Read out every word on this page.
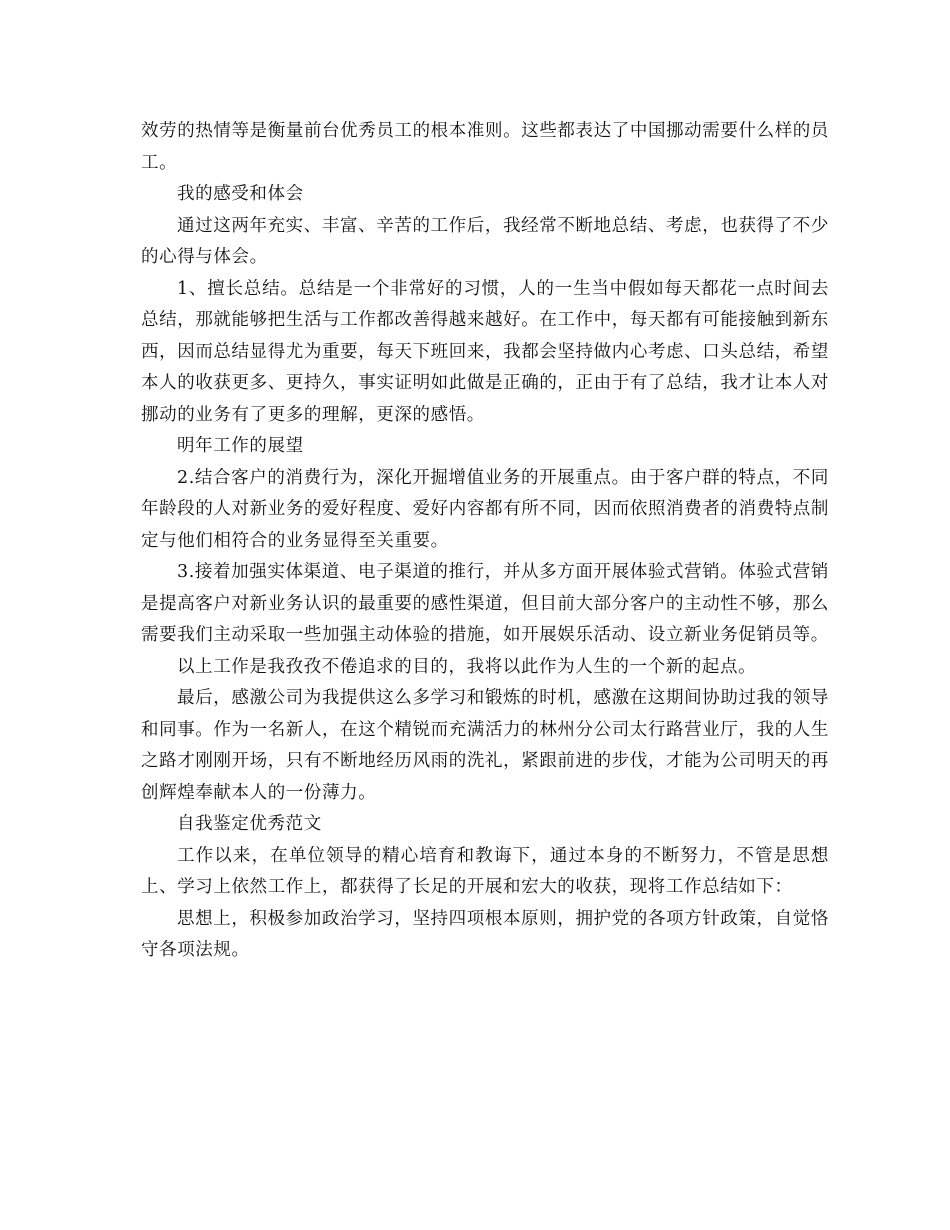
效劳的热情等是衡量前台优秀员工的根本准则。这些都表达了中国挪动需要什么样的员工。

我的感受和体会

通过这两年充实、丰富、辛苦的工作后，我经常不断地总结、考虑，也获得了不少的心得与体会。

1、擅长总结。总结是一个非常好的习惯，人的一生当中假如每天都花一点时间去总结，那就能够把生活与工作都改善得越来越好。在工作中，每天都有可能接触到新东西，因而总结显得尤为重要，每天下班回来，我都会坚持做内心考虑、口头总结，希望本人的收获更多、更持久，事实证明如此做是正确的，正由于有了总结，我才让本人对挪动的业务有了更多的理解，更深的感悟。

明年工作的展望

2.结合客户的消费行为，深化开掘增值业务的开展重点。由于客户群的特点，不同年龄段的人对新业务的爱好程度、爱好内容都有所不同，因而依照消费者的消费特点制定与他们相符合的业务显得至关重要。

3.接着加强实体渠道、电子渠道的推行，并从多方面开展体验式营销。体验式营销是提高客户对新业务认识的最重要的感性渠道，但目前大部分客户的主动性不够，那么需要我们主动采取一些加强主动体验的措施，如开展娱乐活动、设立新业务促销员等。

以上工作是我孜孜不倦追求的目的，我将以此作为人生的一个新的起点。

最后，感激公司为我提供这么多学习和锻炼的时机，感激在这期间协助过我的领导和同事。作为一名新人，在这个精锐而充满活力的林州分公司太行路营业厅，我的人生之路才刚刚开场，只有不断地经历风雨的洗礼，紧跟前进的步伐，才能为公司明天的再创辉煌奉献本人的一份薄力。

自我鉴定优秀范文

工作以来，在单位领导的精心培育和教诲下，通过本身的不断努力，不管是思想上、学习上依然工作上，都获得了长足的开展和宏大的收获，现将工作总结如下：

思想上，积极参加政治学习，坚持四项根本原则，拥护党的各项方针政策，自觉恪守各项法规。
